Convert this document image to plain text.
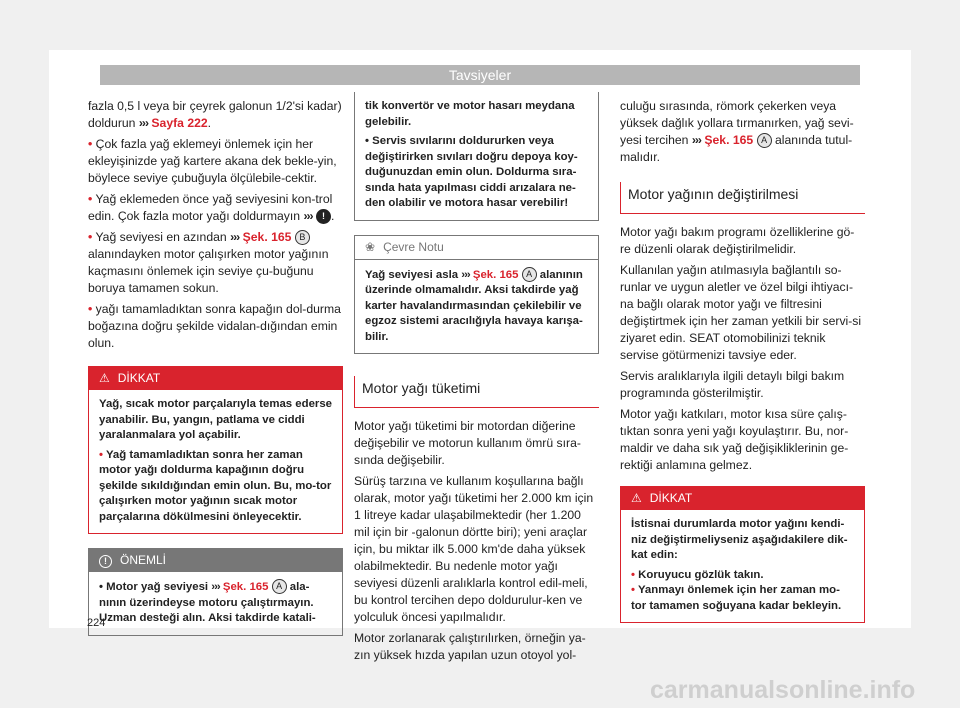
Tavsiyeler

fazla 0,5 l veya bir çeyrek galonun 1/2'si kadar) doldurun ››› Sayfa 222.

• Çok fazla yağ eklemeyi önlemek için her ekleyişinizde yağ kartere akana dek bekle-yin, böylece seviye çubuğuyla ölçülebile-cektir.

• Yağ eklemeden önce yağ seviyesini kon-trol edin. Çok fazla motor yağı doldurmayın ››› ! .

• Yağ seviyesi en azından ››› Şek. 165 B alanındayken motor çalışırken motor yağının kaçmasını önlemek için seviye çu-buğunu boruya tamamen sokun.

• yağı tamamladıktan sonra kapağın dol-durma boğazına doğru şekilde vidalan-dığından emin olun.

⚠ DİKKAT

Yağ, sıcak motor parçalarıyla temas ederse yanabilir. Bu, yangın, patlama ve ciddi yaralanmalara yol açabilir.

• Yağ tamamladıktan sonra her zaman motor yağı doldurma kapağının doğru şekilde sıkıldığından emin olun. Bu, mo-tor çalışırken motor yağının sıcak motor parçalarına dökülmesini önleyecektir.

! ÖNEMLİ
• Motor yağ seviyesi ››› Şek. 165 A ala-nının üzerindeyse motoru çalıştırmayın. Uzman desteği alın. Aksi takdirde katali-

tik konvertör ve motor hasarı meydana gelebilir.

• Servis sıvılarını doldururken veya değiştirirken sıvıları doğru depoya koy-duğunuzdan emin olun. Doldurma sıra-sında hata yapılması ciddi arızalara ne-den olabilir ve motora hasar verebilir!

❀ Çevre Notu
Yağ seviyesi asla ››› Şek. 165 A alanının üzerinde olmamalıdır. Aksi takdirde yağ karter havalandırmasından çekilebilir ve egzoz sistemi aracılığıyla havaya karışa-bilir.
Motor yağı tüketimi

Motor yağı tüketimi bir motordan diğerine değişebilir ve motorun kullanım ömrü sıra-sında değişebilir.

Sürüş tarzına ve kullanım koşullarına bağlı olarak, motor yağı tüketimi her 2.000 km için 1 litreye kadar ulaşabilmektedir (her 1.200 mil için bir -galonun dörtte biri); yeni araçlar için, bu miktar ilk 5.000 km'de daha yüksek olabilmektedir. Bu nedenle motor yağı seviyesi düzenli aralıklarla kontrol edil-meli, bu kontrol tercihen depo doldurulur-ken ve yolculuk öncesi yapılmalıdır.

Motor zorlanarak çalıştırılırken, örneğin ya-zın yüksek hızda yapılan uzun otoyol yol-

culuğu sırasında, römork çekerken veya yüksek dağlık yollara tırmanırken, yağ sevi-yesi tercihen ››› Şek. 165 A alanında tutul-malıdır.

Motor yağının değiştirilmesi

Motor yağı bakım programı özelliklerine gö-re düzenli olarak değiştirilmelidir.

Kullanılan yağın atılmasıyla bağlantılı so-runlar ve uygun aletler ve özel bilgi ihtiyacı-na bağlı olarak motor yağı ve filtresini değiştirtmek için her zaman yetkili bir servi-si ziyaret edin. SEAT otomobilinizi teknik servise götürmenizi tavsiye eder.

Servis aralıklarıyla ilgili detaylı bilgi bakım programında gösterilmiştir.

Motor yağı katkıları, motor kısa süre çalış-tıktan sonra yeni yağı koyulaştırır. Bu, nor-maldir ve daha sık yağ değişikliklerinin ge-rektiği anlamına gelmez.

⚠ DİKKAT

İstisnai durumlarda motor yağını kendi-niz değiştirmeliyseniz aşağıdakilere dik-kat edin:

• Koruyucu gözlük takın.

• Yanmayı önlemek için her zaman mo-tor tamamen soğuyana kadar bekleyin.

224
carmanualsonline.info
